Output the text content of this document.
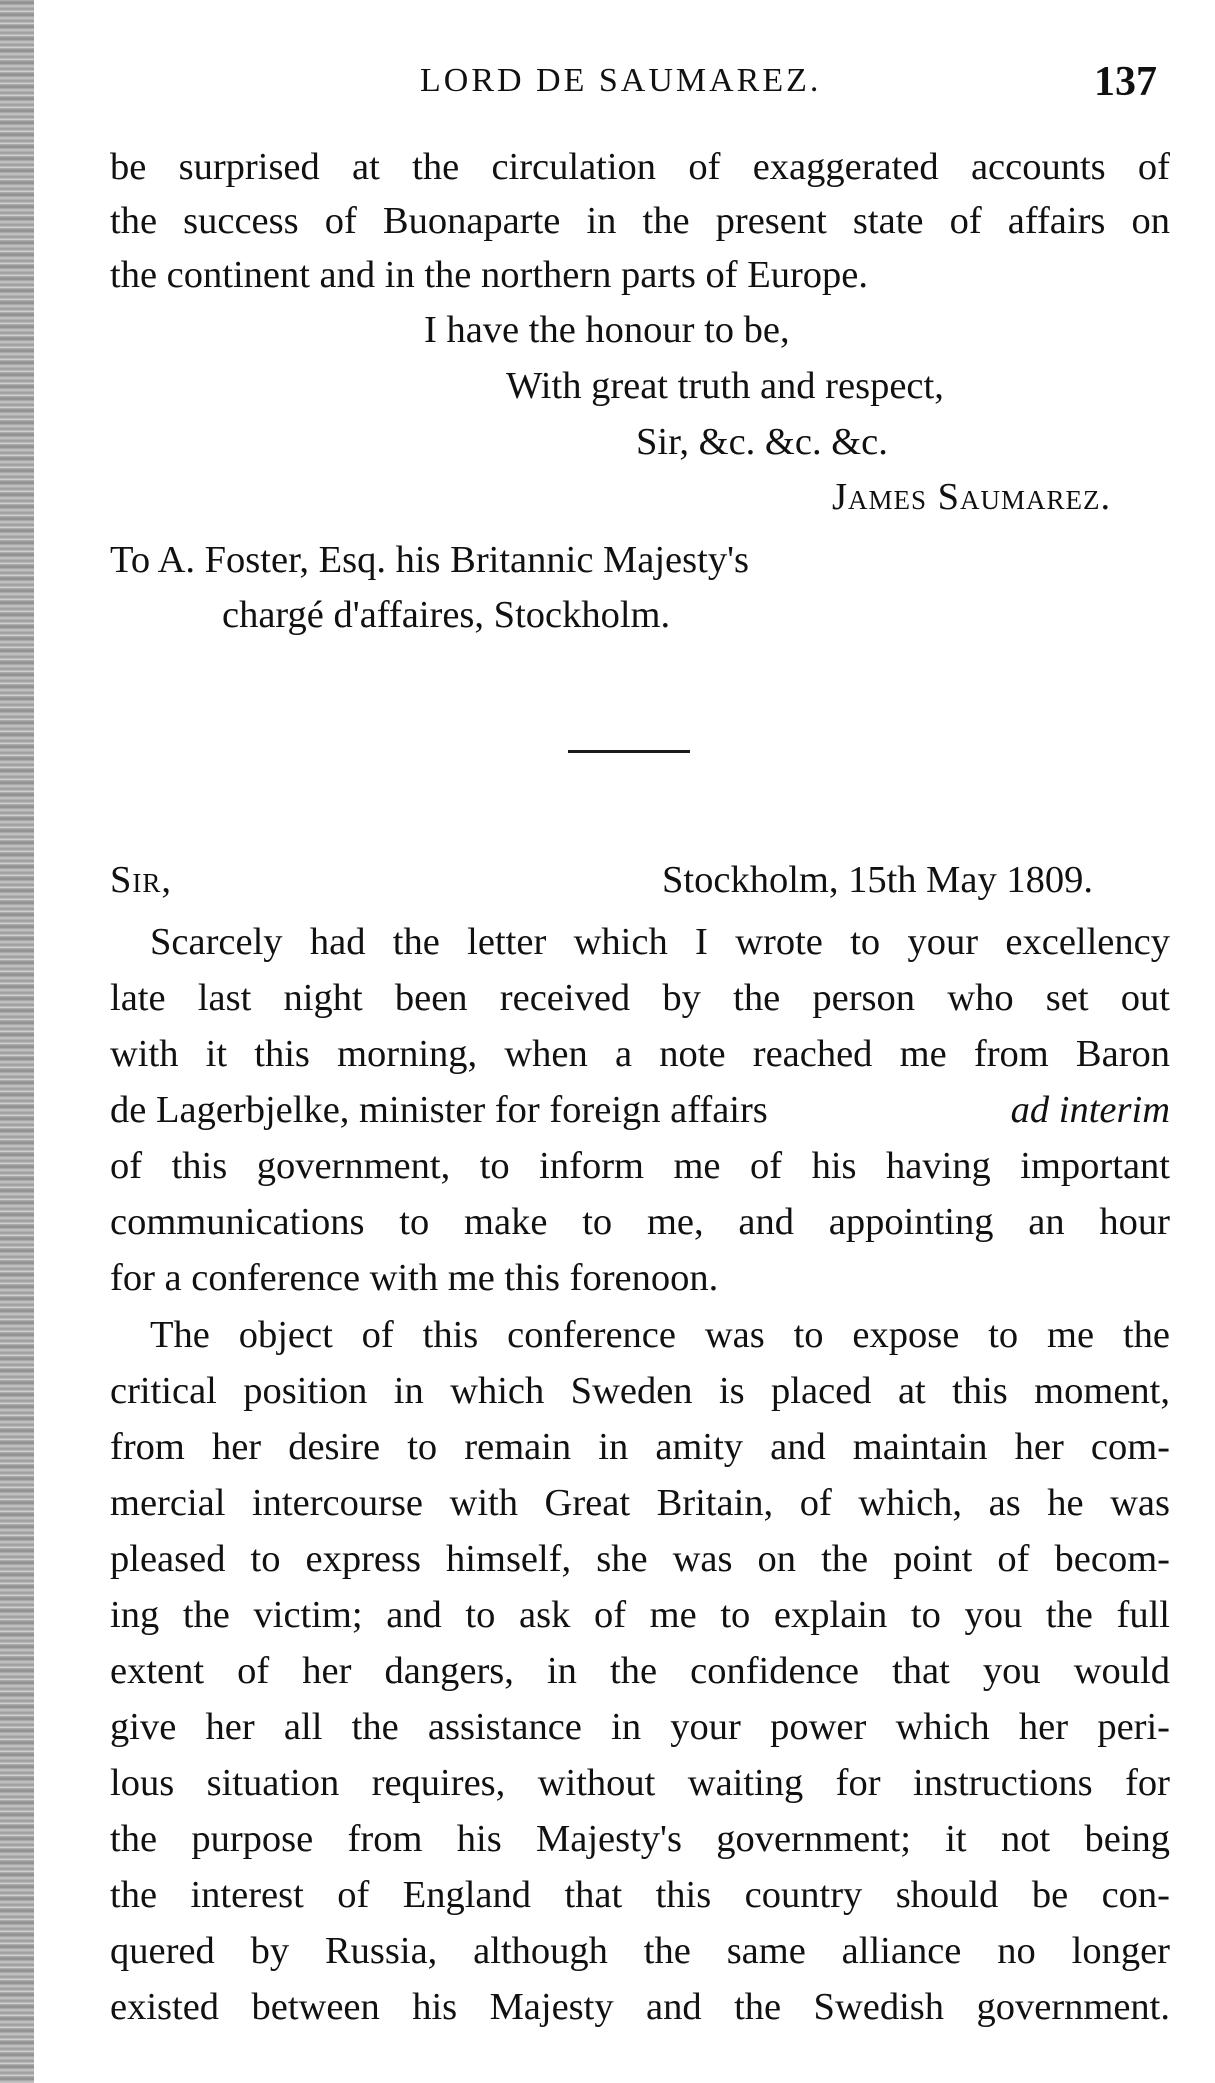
LORD DE SAUMAREZ.	137
be surprised at the circulation of exaggerated accounts of
the success of Buonaparte in the present state of affairs on
the continent and in the northern parts of Europe.
I have the honour to be,
With great truth and respect,
Sir, &c. &c. &c.
James Saumarez.
To A. Foster, Esq. his Britannic Majesty's
chargé d'affaires, Stockholm.
Sir,	Stockholm, 15th May 1809.
Scarcely had the letter which I wrote to your excellency
late last night been received by the person who set out
with it this morning, when a note reached me from Baron
de Lagerbjelke, minister for foreign affairs	ad interim
of this government, to inform me of his having important
communications to make to me, and appointing an hour
for a conference with me this forenoon.
The object of this conference was to expose to me the
critical position in which Sweden is placed at this moment,
from her desire to remain in amity and maintain her com-
mercial intercourse with Great Britain, of which, as he was
pleased to express himself, she was on the point of becom-
ing the victim; and to ask of me to explain to you the full
extent of her dangers, in the confidence that you would
give her all the assistance in your power which her peri-
lous situation requires, without waiting for instructions for
the purpose from his Majesty's government; it not being
the interest of England that this country should be con-
quered by Russia, although the same alliance no longer
existed between his Majesty and the Swedish government.
